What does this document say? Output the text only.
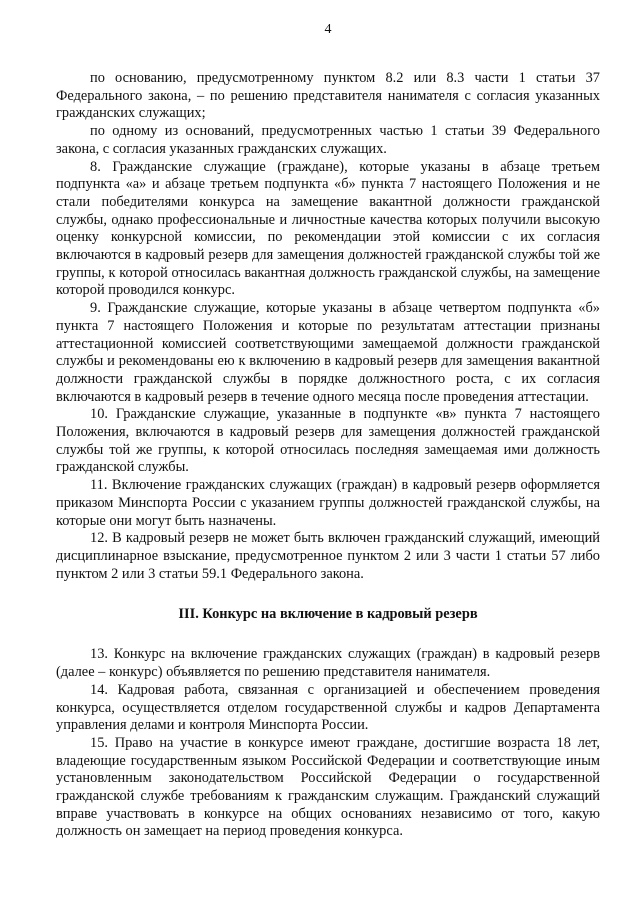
4

по основанию, предусмотренному пунктом 8.2 или 8.3 части 1 статьи 37 Федерального закона, – по решению представителя нанимателя с согласия указанных гражданских служащих;

по одному из оснований, предусмотренных частью 1 статьи 39 Федерального закона, с согласия указанных гражданских служащих.

8. Гражданские служащие (граждане), которые указаны в абзаце третьем подпункта «а» и абзаце третьем подпункта «б» пункта 7 настоящего Положения и не стали победителями конкурса на замещение вакантной должности гражданской службы, однако профессиональные и личностные качества которых получили высокую оценку конкурсной комиссии, по рекомендации этой комиссии с их согласия включаются в кадровый резерв для замещения должностей гражданской службы той же группы, к которой относилась вакантная должность гражданской службы, на замещение которой проводился конкурс.

9. Гражданские служащие, которые указаны в абзаце четвертом подпункта «б» пункта 7 настоящего Положения и которые по результатам аттестации признаны аттестационной комиссией соответствующими замещаемой должности гражданской службы и рекомендованы ею к включению в кадровый резерв для замещения вакантной должности гражданской службы в порядке должностного роста, с их согласия включаются в кадровый резерв в течение одного месяца после проведения аттестации.

10. Гражданские служащие, указанные в подпункте «в» пункта 7 настоящего Положения, включаются в кадровый резерв для замещения должностей гражданской службы той же группы, к которой относилась последняя замещаемая ими должность гражданской службы.

11. Включение гражданских служащих (граждан) в кадровый резерв оформляется приказом Минспорта России с указанием группы должностей гражданской службы, на которые они могут быть назначены.

12. В кадровый резерв не может быть включен гражданский служащий, имеющий дисциплинарное взыскание, предусмотренное пунктом 2 или 3 части 1 статьи 57 либо пунктом 2 или 3 статьи 59.1 Федерального закона.

III. Конкурс на включение в кадровый резерв

13. Конкурс на включение гражданских служащих (граждан) в кадровый резерв (далее – конкурс) объявляется по решению представителя нанимателя.

14. Кадровая работа, связанная с организацией и обеспечением проведения конкурса, осуществляется отделом государственной службы и кадров Департамента управления делами и контроля Минспорта России.

15. Право на участие в конкурсе имеют граждане, достигшие возраста 18 лет, владеющие государственным языком Российской Федерации и соответствующие иным установленным законодательством Российской Федерации о государственной гражданской службе требованиям к гражданским служащим. Гражданский служащий вправе участвовать в конкурсе на общих основаниях независимо от того, какую должность он замещает на период проведения конкурса.
